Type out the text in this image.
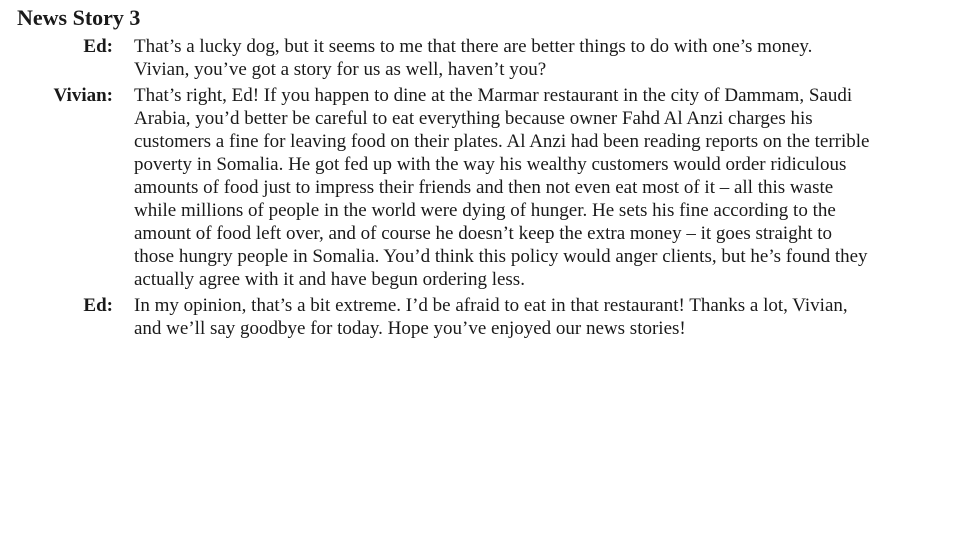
News Story 3
Ed: That’s a lucky dog, but it seems to me that there are better things to do with one’s money.
Vivian, you’ve got a story for us as well, haven’t you?
Vivian: That’s right, Ed! If you happen to dine at the Marmar restaurant in the city of Dammam, Saudi
Arabia, you’d better be careful to eat everything because owner Fahd Al Anzi charges his
customers a fine for leaving food on their plates. Al Anzi had been reading reports on the terrible
poverty in Somalia. He got fed up with the way his wealthy customers would order ridiculous
amounts of food just to impress their friends and then not even eat most of it – all this waste
while millions of people in the world were dying of hunger. He sets his fine according to the
amount of food left over, and of course he doesn’t keep the extra money – it goes straight to
those hungry people in Somalia. You’d think this policy would anger clients, but he’s found they
actually agree with it and have begun ordering less.
Ed: In my opinion, that’s a bit extreme. I’d be afraid to eat in that restaurant! Thanks a lot, Vivian,
and we’ll say goodbye for today. Hope you’ve enjoyed our news stories!
